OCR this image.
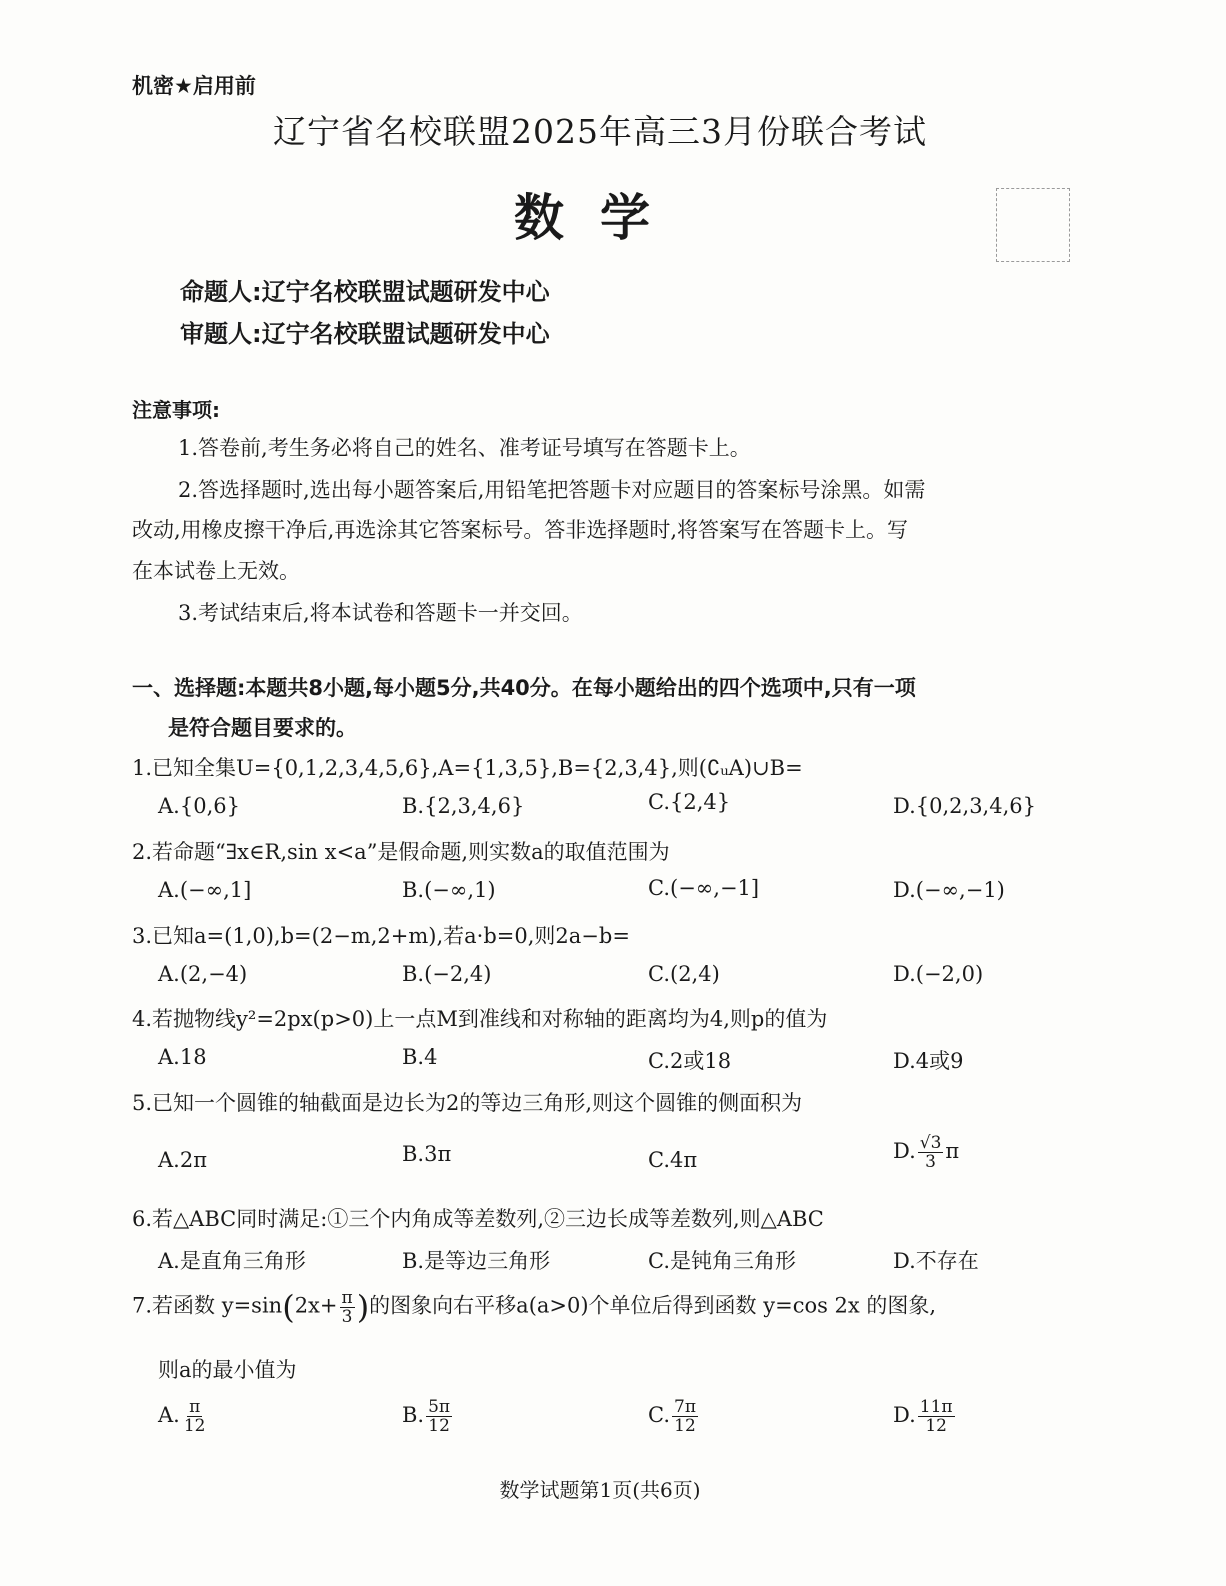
机密★启用前
辽宁省名校联盟2025年高三3月份联合考试
数学
命题人:辽宁名校联盟试题研发中心
审题人:辽宁名校联盟试题研发中心
注意事项:
1.答卷前,考生务必将自己的姓名、准考证号填写在答题卡上。
2.答选择题时,选出每小题答案后,用铅笔把答题卡对应题目的答案标号涂黑。如需
改动,用橡皮擦干净后,再选涂其它答案标号。答非选择题时,将答案写在答题卡上。写
在本试卷上无效。
3.考试结束后,将本试卷和答题卡一并交回。
一、选择题:本题共8小题,每小题5分,共40分。在每小题给出的四个选项中,只有一项
是符合题目要求的。
1.已知全集U={0,1,2,3,4,5,6},A={1,3,5},B={2,3,4},则(∁ᵤA)∪B=
A.{0,6}	B.{2,3,4,6}	C.{2,4}	D.{0,2,3,4,6}
2.若命题“∃x∈R,sin x<a”是假命题,则实数a的取值范围为
A.(−∞,1]	B.(−∞,1)	C.(−∞,−1]	D.(−∞,−1)
3.已知a=(1,0),b=(2−m,2+m),若a·b=0,则2a−b=
A.(2,−4)	B.(−2,4)	C.(2,4)	D.(−2,0)
4.若抛物线y²=2px(p>0)上一点M到准线和对称轴的距离均为4,则p的值为
A.18	B.4	C.2或18	D.4或9
5.已知一个圆锥的轴截面是边长为2的等边三角形,则这个圆锥的侧面积为
A.2π	B.3π	C.4π	D. $\frac{√3}{3}$ π
6.若△ABC同时满足:①三个内角成等差数列,②三边长成等差数列,则△ABC
A.是直角三角形	B.是等边三角形	C.是钝角三角形	D.不存在
7.若函数 $y=\sin(2x+ \frac{\pi}{3}$ )的图象向右平移a(a>0)个单位后得到函数 y=cos 2x 的图象,
则a的最小值为
A. $\frac{\pi}{12}$	B. $\frac{5\pi}{12}$	C. $\frac{7\pi}{12}$	D. $\frac{11\pi}{12}$
数学试题第1页(共6页)
